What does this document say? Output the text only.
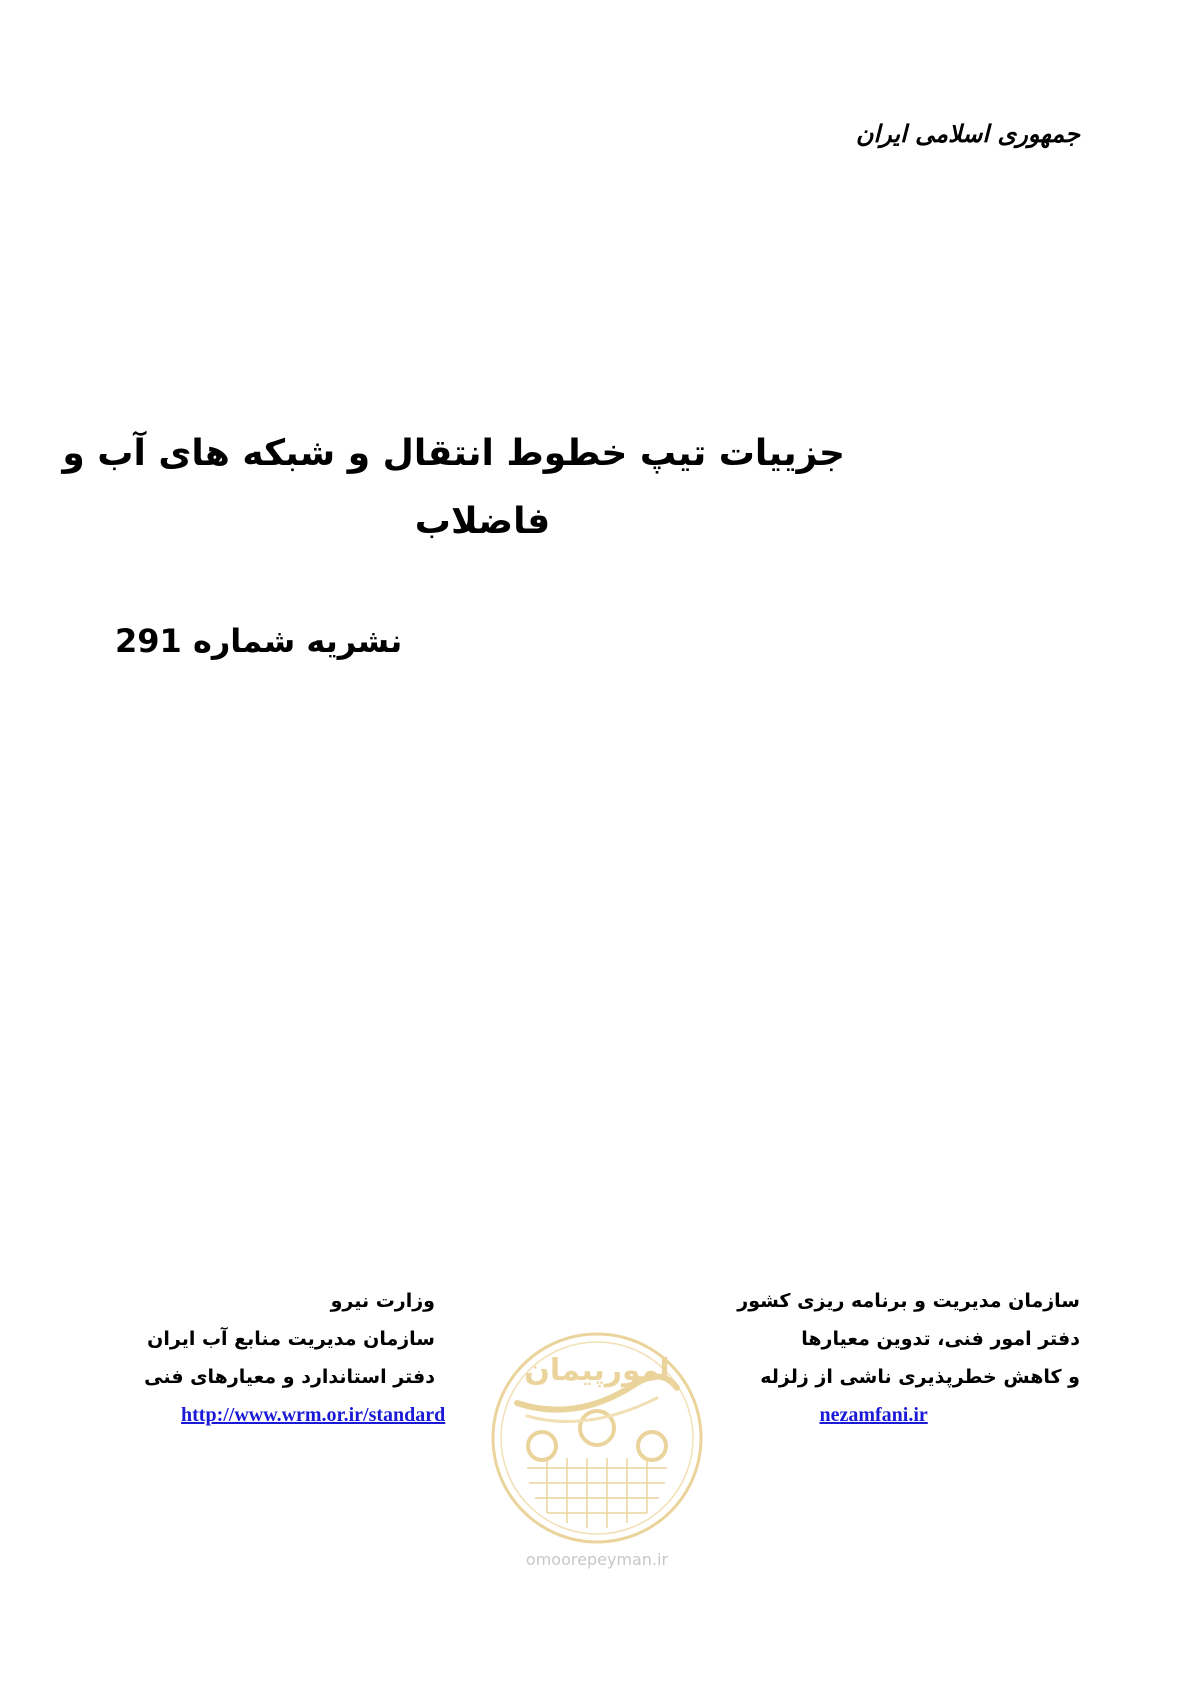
جمهوری اسلامی ایران
جزییات تیپ خطوط انتقال و شبکه های آب و
فاضلاب
نشریه شماره 291
سازمان مدیریت و برنامه ریزی کشور
دفتر امور فنی، تدوین معیارها
و کاهش خطرپذیری ناشی از زلزله
nezamfani.ir
وزارت نیرو
سازمان مدیریت منابع آب ایران
دفتر استاندارد و معیارهای فنی
http://www.wrm.or.ir/standard
امورپیمان
omoorepeyman.ir
